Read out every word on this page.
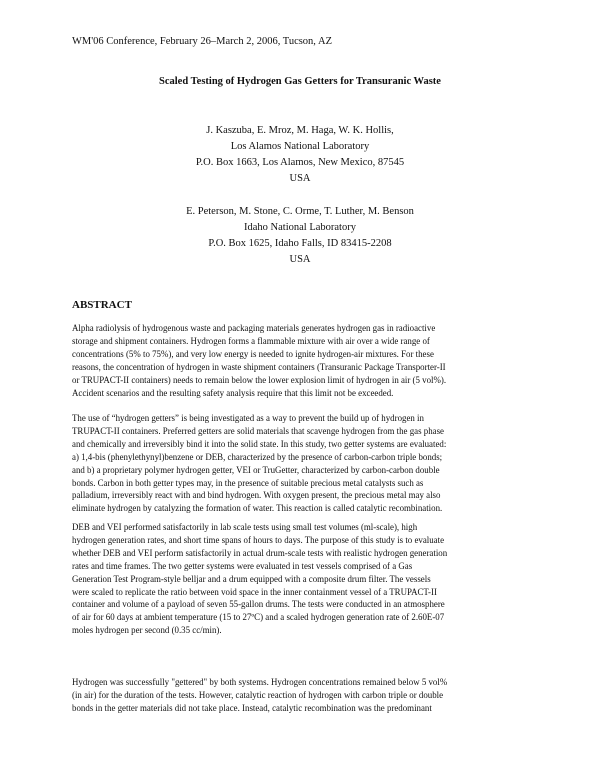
WM'06 Conference, February 26–March 2, 2006, Tucson, AZ
Scaled Testing of Hydrogen Gas Getters for Transuranic Waste
J. Kaszuba, E. Mroz, M. Haga, W. K. Hollis,
Los Alamos National Laboratory
P.O. Box 1663, Los Alamos, New Mexico, 87545
USA
E. Peterson, M. Stone, C. Orme, T. Luther, M. Benson
Idaho National Laboratory
P.O. Box 1625, Idaho Falls, ID 83415-2208
USA
ABSTRACT
Alpha radiolysis of hydrogenous waste and packaging materials generates hydrogen gas in radioactive
storage and shipment containers. Hydrogen forms a flammable mixture with air over a wide range of
concentrations (5% to 75%), and very low energy is needed to ignite hydrogen-air mixtures. For these
reasons, the concentration of hydrogen in waste shipment containers (Transuranic Package Transporter-II
or TRUPACT-II containers) needs to remain below the lower explosion limit of hydrogen in air (5 vol%).
Accident scenarios and the resulting safety analysis require that this limit not be exceeded.
The use of “hydrogen getters” is being investigated as a way to prevent the build up of hydrogen in
TRUPACT-II containers. Preferred getters are solid materials that scavenge hydrogen from the gas phase
and chemically and irreversibly bind it into the solid state. In this study, two getter systems are evaluated:
a) 1,4-bis (phenylethynyl)benzene or DEB, characterized by the presence of carbon-carbon triple bonds;
and b) a proprietary polymer hydrogen getter, VEI or TruGetter, characterized by carbon-carbon double
bonds. Carbon in both getter types may, in the presence of suitable precious metal catalysts such as
palladium, irreversibly react with and bind hydrogen. With oxygen present, the precious metal may also
eliminate hydrogen by catalyzing the formation of water. This reaction is called catalytic recombination.
DEB and VEI performed satisfactorily in lab scale tests using small test volumes (ml-scale), high
hydrogen generation rates, and short time spans of hours to days. The purpose of this study is to evaluate
whether DEB and VEI perform satisfactorily in actual drum-scale tests with realistic hydrogen generation
rates and time frames. The two getter systems were evaluated in test vessels comprised of a Gas
Generation Test Program-style belljar and a drum equipped with a composite drum filter. The vessels
were scaled to replicate the ratio between void space in the inner containment vessel of a TRUPACT-II
container and volume of a payload of seven 55-gallon drums. The tests were conducted in an atmosphere
of air for 60 days at ambient temperature (15 to 27ºC) and a scaled hydrogen generation rate of 2.60E-07
moles hydrogen per second (0.35 cc/min).
Hydrogen was successfully "gettered" by both systems. Hydrogen concentrations remained below 5 vol%
(in air) for the duration of the tests. However, catalytic reaction of hydrogen with carbon triple or double
bonds in the getter materials did not take place. Instead, catalytic recombination was the predominant
